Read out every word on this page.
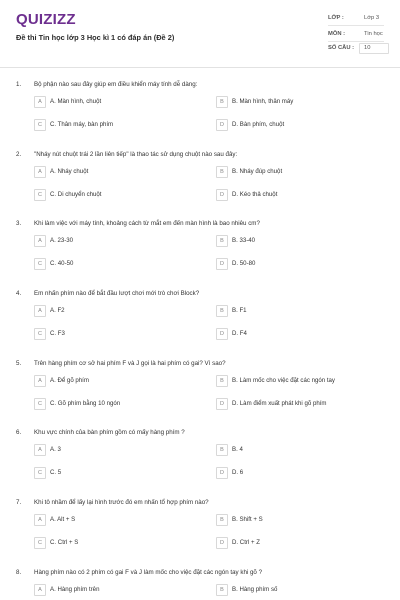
QUIZIZZ
Đề thi Tin học lớp 3 Học kì 1 có đáp án (Đề 2)
LỚP :	Lớp 3
MÔN :	Tin học
SỐ CÂU : 10
1. Bộ phận nào sau đây giúp em điều khiển máy tính dễ dàng:
A	A. Màn hình, chuột	B	B. Màn hình, thân máy
C	C. Thân máy, bàn phím	D	D. Bàn phím, chuột
2. "Nháy nút chuột trái 2 lần liên tiếp" là thao tác sử dụng chuột nào sau đây:
A	A. Nháy chuột	B	B. Nháy đúp chuột
C	C. Di chuyển chuột	D	D. Kéo thả chuột
3. Khi làm việc với máy tính, khoảng cách từ mắt em đến màn hình là bao nhiêu cm?
A	A. 23-30	B	B. 33-40
C	C. 40-50	D	D. 50-80
4. Em nhấn phím nào để bắt đầu lượt chơi mới trò chơi Block?
A	A. F2	B	B. F1
C	C. F3	D	D. F4
5. Trên hàng phím cơ sở hai phím F và J gọi là hai phím có gai? Vì sao?
A	A. Để gõ phím	B	B. Làm mốc cho việc đặt các ngón tay
C	C. Gõ phím bằng 10 ngón	D	D. Làm điểm xuất phát khi gõ phím
6. Khu vực chính của bàn phím gồm có mấy hàng phím ?
A	A. 3	B	B. 4
C	C. 5	D	D. 6
7. Khi tô nhầm để lấy lại hình trước đó em nhấn tổ hợp phím nào?
A	A. Alt + S	B	B. Shift + S
C	C. Ctrl + S	D	D. Ctrl + Z
8. Hàng phím nào có 2 phím có gai F và J làm mốc cho việc đặt các ngón tay khi gõ ?
A	A. Hàng phím trên	B	B. Hàng phím số
